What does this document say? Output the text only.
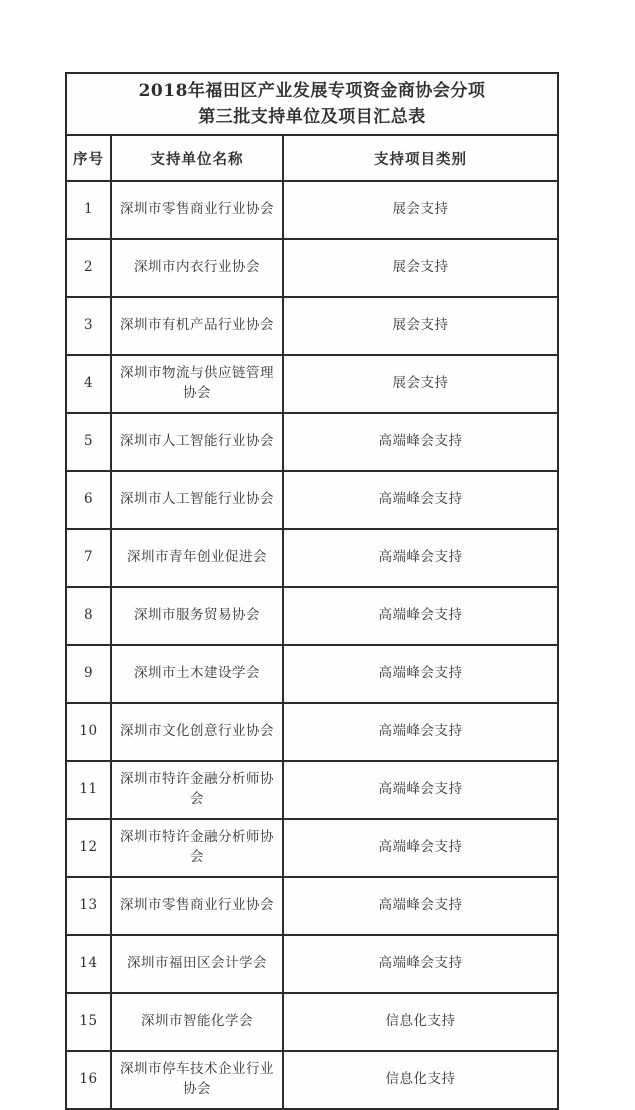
2018年福田区产业发展专项资金商协会分项
第三批支持单位及项目汇总表		

序号	支持单位名称	支持项目类别
1	深圳市零售商业行业协会	展会支持
2	深圳市内衣行业协会	展会支持
3	深圳市有机产品行业协会	展会支持
4	深圳市物流与供应链管理协会	展会支持
5	深圳市人工智能行业协会	高端峰会支持
6	深圳市人工智能行业协会	高端峰会支持
7	深圳市青年创业促进会	高端峰会支持
8	深圳市服务贸易协会	高端峰会支持
9	深圳市土木建设学会	高端峰会支持
10	深圳市文化创意行业协会	高端峰会支持
11	深圳市特许金融分析师协会	高端峰会支持
12	深圳市特许金融分析师协会	高端峰会支持
13	深圳市零售商业行业协会	高端峰会支持
14	深圳市福田区会计学会	高端峰会支持
15	深圳市智能化学会	信息化支持
16	深圳市停车技术企业行业协会	信息化支持
